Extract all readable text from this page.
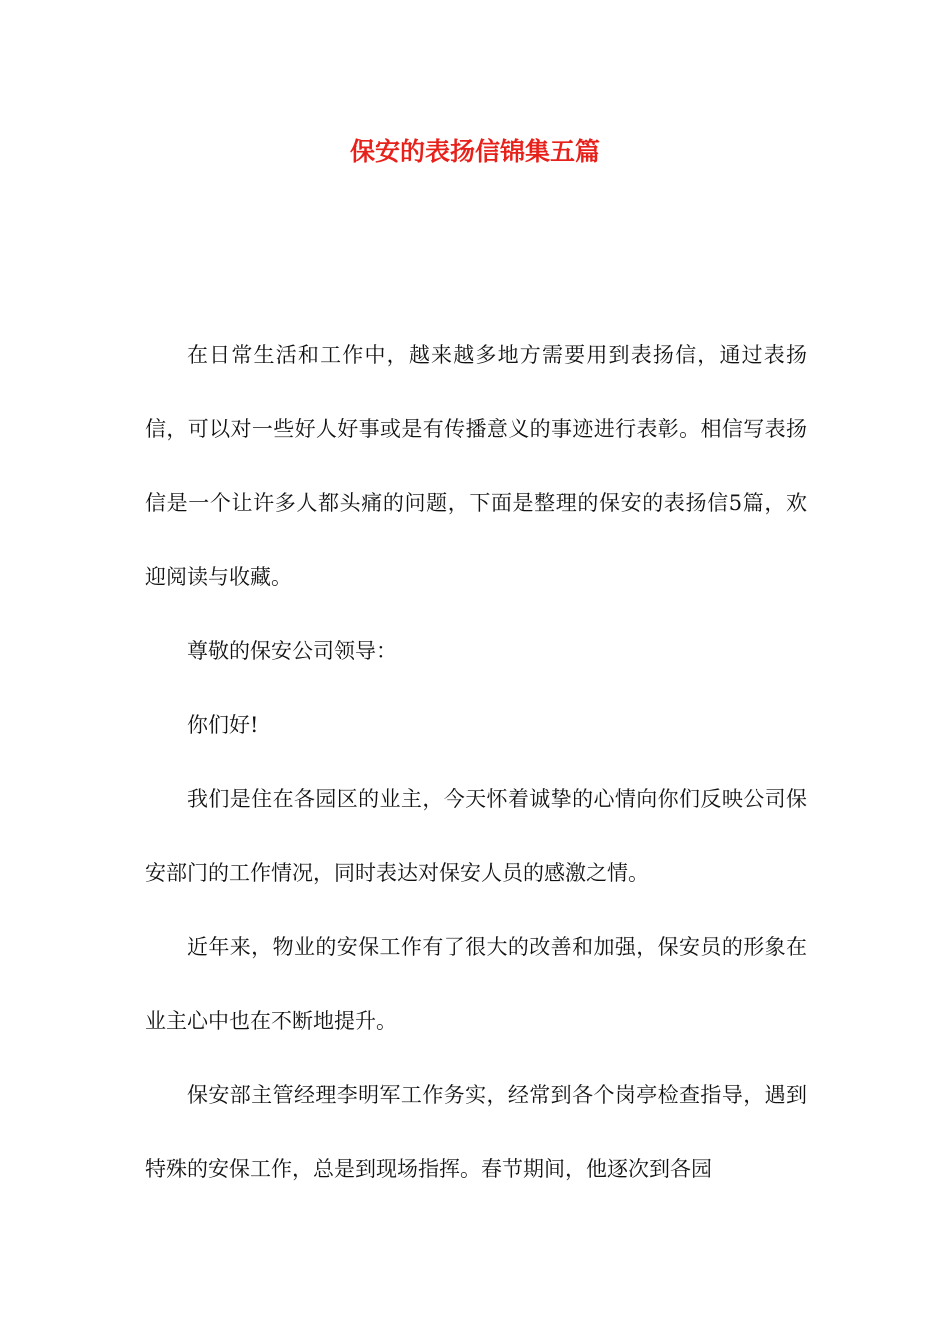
保安的表扬信锦集五篇

在日常生活和工作中，越来越多地方需要用到表扬信，通过表扬信，可以对一些好人好事或是有传播意义的事迹进行表彰。相信写表扬信是一个让许多人都头痛的问题，下面是整理的保安的表扬信5篇，欢迎阅读与收藏。

尊敬的保安公司领导：

你们好!

我们是住在各园区的业主，今天怀着诚挚的心情向你们反映公司保安部门的工作情况，同时表达对保安人员的感激之情。

近年来，物业的安保工作有了很大的改善和加强，保安员的形象在业主心中也在不断地提升。

保安部主管经理李明军工作务实，经常到各个岗亭检查指导，遇到特殊的安保工作，总是到现场指挥。春节期间，他逐次到各园
